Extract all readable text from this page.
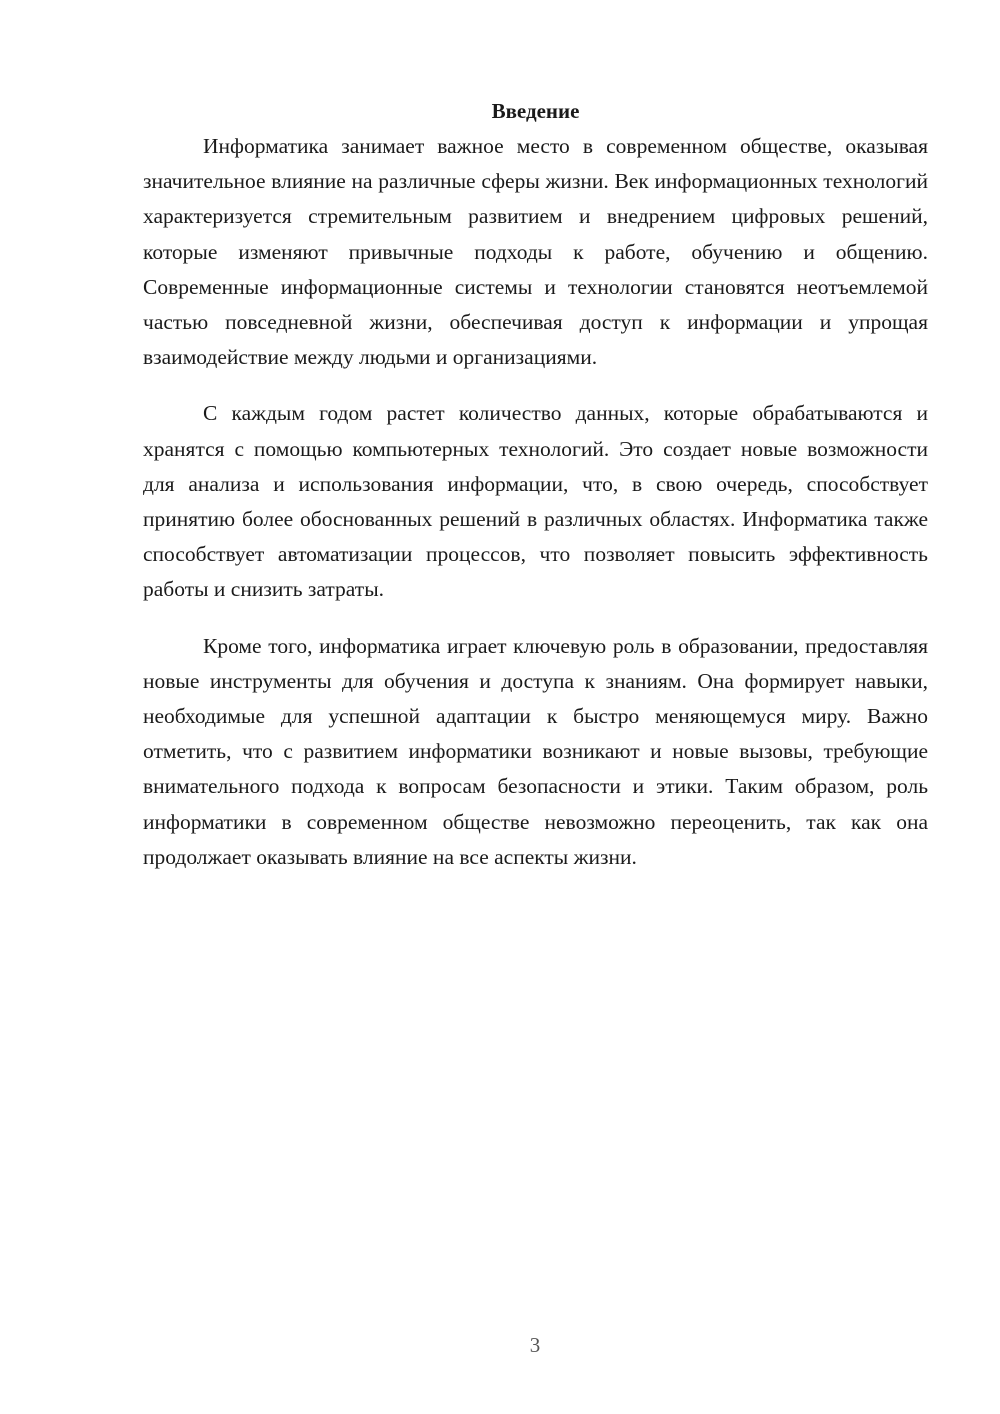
Введение

Информатика занимает важное место в современном обществе, оказывая значительное влияние на различные сферы жизни. Век информационных технологий характеризуется стремительным развитием и внедрением цифровых решений, которые изменяют привычные подходы к работе, обучению и общению. Современные информационные системы и технологии становятся неотъемлемой частью повседневной жизни, обеспечивая доступ к информации и упрощая взаимодействие между людьми и организациями.

С каждым годом растет количество данных, которые обрабатываются и хранятся с помощью компьютерных технологий. Это создает новые возможности для анализа и использования информации, что, в свою очередь, способствует принятию более обоснованных решений в различных областях. Информатика также способствует автоматизации процессов, что позволяет повысить эффективность работы и снизить затраты.

Кроме того, информатика играет ключевую роль в образовании, предоставляя новые инструменты для обучения и доступа к знаниям. Она формирует навыки, необходимые для успешной адаптации к быстро меняющемуся миру. Важно отметить, что с развитием информатики возникают и новые вызовы, требующие внимательного подхода к вопросам безопасности и этики. Таким образом, роль информатики в современном обществе невозможно переоценить, так как она продолжает оказывать влияние на все аспекты жизни.

3
